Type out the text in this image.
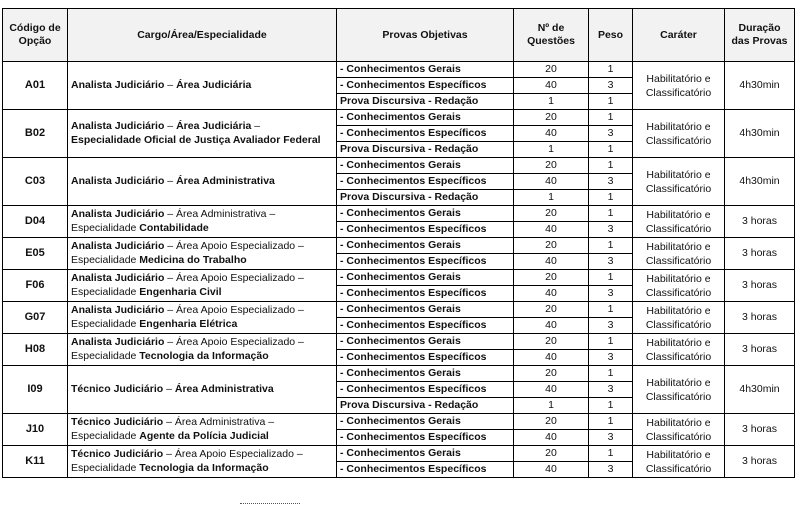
Código de Opção	Cargo/Área/Especialidade	Provas Objetivas	Nº de Questões	Peso	Caráter	Duração das Provas
A01	Analista Judiciário – Área Judiciária	- Conhecimentos Gerais	20	1	Habilitatório e Classificatório	4h30min
		- Conhecimentos Específicos	40	3		
		Prova Discursiva - Redação	1	1		
B02	Analista Judiciário – Área Judiciária – Especialidade Oficial de Justiça Avaliador Federal	- Conhecimentos Gerais	20	1	Habilitatório e Classificatório	4h30min
		- Conhecimentos Específicos	40	3		
		Prova Discursiva - Redação	1	1		
C03	Analista Judiciário – Área Administrativa	- Conhecimentos Gerais	20	1	Habilitatório e Classificatório	4h30min
		- Conhecimentos Específicos	40	3		
		Prova Discursiva - Redação	1	1		
D04	Analista Judiciário – Área Administrativa – Especialidade Contabilidade	- Conhecimentos Gerais	20	1	Habilitatório e Classificatório	3 horas
		- Conhecimentos Específicos	40	3		
E05	Analista Judiciário – Área Apoio Especializado – Especialidade Medicina do Trabalho	- Conhecimentos Gerais	20	1	Habilitatório e Classificatório	3 horas
		- Conhecimentos Específicos	40	3		
F06	Analista Judiciário – Área Apoio Especializado – Especialidade Engenharia Civil	- Conhecimentos Gerais	20	1	Habilitatório e Classificatório	3 horas
		- Conhecimentos Específicos	40	3		
G07	Analista Judiciário – Área Apoio Especializado – Especialidade Engenharia Elétrica	- Conhecimentos Gerais	20	1	Habilitatório e Classificatório	3 horas
		- Conhecimentos Específicos	40	3		
H08	Analista Judiciário – Área Apoio Especializado – Especialidade Tecnologia da Informação	- Conhecimentos Gerais	20	1	Habilitatório e Classificatório	3 horas
		- Conhecimentos Específicos	40	3		
I09	Técnico Judiciário – Área Administrativa	- Conhecimentos Gerais	20	1	Habilitatório e Classificatório	4h30min
		- Conhecimentos Específicos	40	3		
		Prova Discursiva - Redação	1	1		
J10	Técnico Judiciário – Área Administrativa – Especialidade Agente da Polícia Judicial	- Conhecimentos Gerais	20	1	Habilitatório e Classificatório	3 horas
		- Conhecimentos Específicos	40	3		
K11	Técnico Judiciário – Área Apoio Especializado – Especialidade Tecnologia da Informação	- Conhecimentos Gerais	20	1	Habilitatório e Classificatório	3 horas
		- Conhecimentos Específicos	40	3		
